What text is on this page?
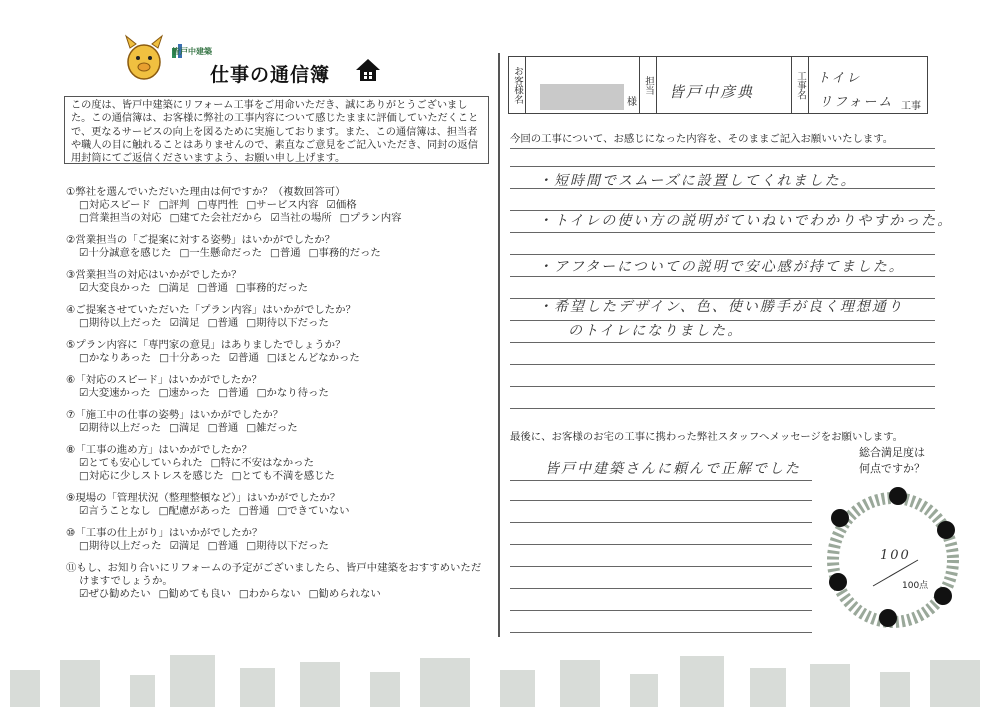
皆戸中建築
仕事の通信簿
この度は、皆戸中建築にリフォーム工事をご用命いただき、誠にありがとうございました。この通信簿は、お客様に弊社の工事内容について感じたままに評価していただくことで、更なるサービスの向上を図るために実施しております。また、この通信簿は、担当者や職人の目に触れることはありませんので、素直なご意見をご記入いただき、同封の返信用封筒にてご返信くださいますよう、お願い申し上げます。
①弊社を選んでいただいた理由は何ですか？（複数回答可）
□対応スピード □評判 □専門性 □サービス内容 ☑価格
□営業担当の対応 □建てた会社だから ☑当社の場所 □プラン内容
②営業担当の「ご提案に対する姿勢」はいかがでしたか？
☑十分誠意を感じた □一生懸命だった □普通 □事務的だった
③営業担当の対応はいかがでしたか？
☑大変良かった □満足 □普通 □事務的だった
④ご提案させていただいた「プラン内容」はいかがでしたか？
□期待以上だった ☑満足 □普通 □期待以下だった
⑤プラン内容に「専門家の意見」はありましたでしょうか？
□かなりあった □十分あった ☑普通 □ほとんどなかった
⑥「対応のスピード」はいかがでしたか？
☑大変速かった □速かった □普通 □かなり待った
⑦「施工中の仕事の姿勢」はいかがでしたか？
☑期待以上だった □満足 □普通 □雑だった
⑧「工事の進め方」はいかがでしたか？
☑とても安心していられた □特に不安はなかった
□対応に少しストレスを感じた □とても不満を感じた
⑨現場の「管理状況（整理整頓など）」はいかがでしたか？
☑言うことなし □配慮があった □普通 □できていない
⑩「工事の仕上がり」はいかがでしたか？
□期待以上だった ☑満足 □普通 □期待以下だった
⑪もし、お知り合いにリフォームの予定がございましたら、皆戸中建築をおすすめいただ
けますでしょうか。
☑ぜひ勧めたい □勧めても良い □わからない □勧められない
お客様名	様
担当 皆戸中彦典	工事名 トイレ
リフォーム 工事
今回の工事について、お感じになった内容を、そのままご記入お願いいたします。
・短時間でスムーズに設置してくれました。
・トイレの使い方の説明がていねいでわかりやすかった。
・アフターについての説明で安心感が持てました。
・希望したデザイン、色、使い勝手が良く理想通り
のトイレになりました。
最後に、お客様のお宅の工事に携わった弊社スタッフへメッセージをお願いします。
皆戸中建築さんに頼んで正解でした
総合満足度は
何点ですか？
100
100点
